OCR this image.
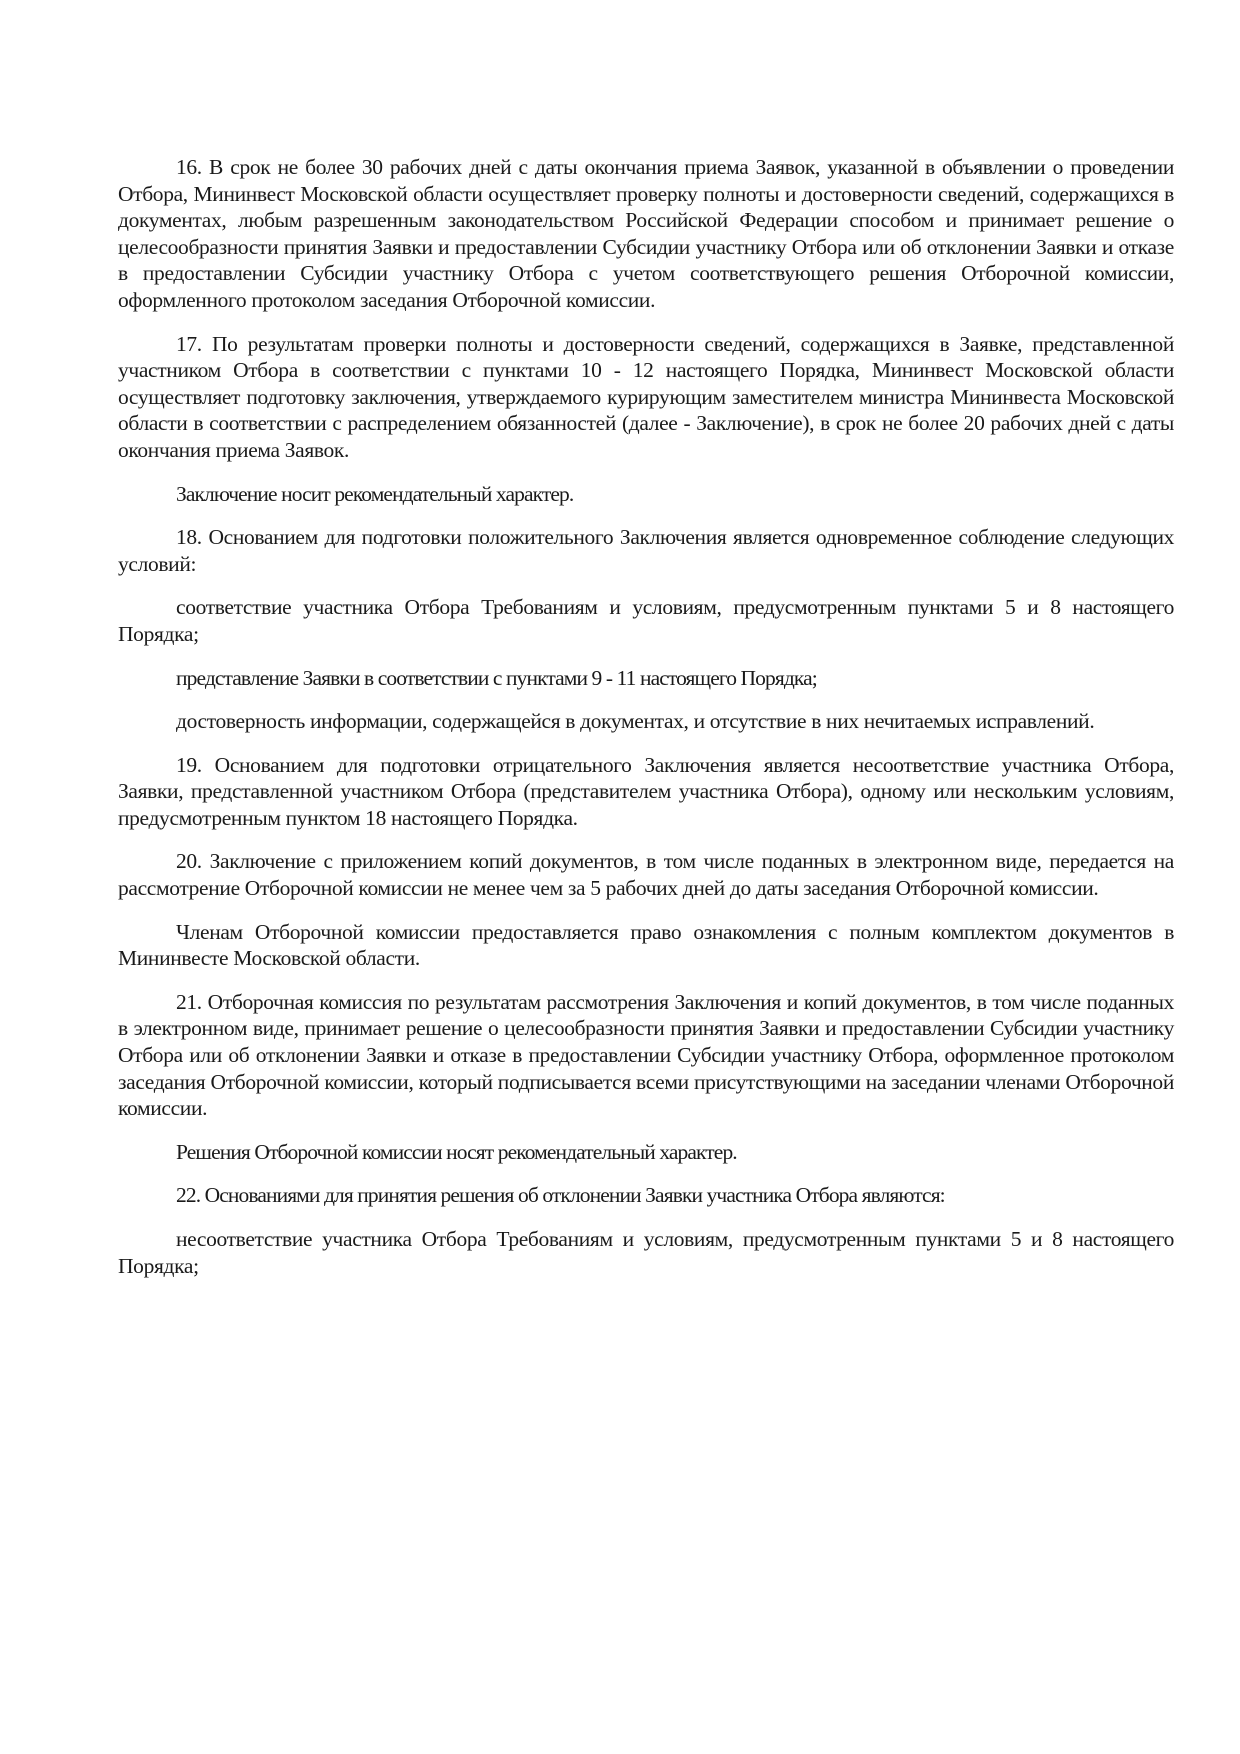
16. В срок не более 30 рабочих дней с даты окончания приема Заявок, указанной в объявлении о проведении Отбора, Мининвест Московской области осуществляет проверку полноты и достоверности сведений, содержащихся в документах, любым разрешенным законодательством Российской Федерации способом и принимает решение о целесообразности принятия Заявки и предоставлении Субсидии участнику Отбора или об отклонении Заявки и отказе в предоставлении Субсидии участнику Отбора с учетом соответствующего решения Отборочной комиссии, оформленного протоколом заседания Отборочной комиссии.

17. По результатам проверки полноты и достоверности сведений, содержащихся в Заявке, представленной участником Отбора в соответствии с пунктами 10 - 12 настоящего Порядка, Мининвест Московской области осуществляет подготовку заключения, утверждаемого курирующим заместителем министра Мининвеста Московской области в соответствии с распределением обязанностей (далее - Заключение), в срок не более 20 рабочих дней с даты окончания приема Заявок.

Заключение носит рекомендательный характер.

18. Основанием для подготовки положительного Заключения является одновременное соблюдение следующих условий:

соответствие участника Отбора Требованиям и условиям, предусмотренным пунктами 5 и 8 настоящего Порядка;

представление Заявки в соответствии с пунктами 9 - 11 настоящего Порядка;

достоверность информации, содержащейся в документах, и отсутствие в них нечитаемых исправлений.

19. Основанием для подготовки отрицательного Заключения является несоответствие участника Отбора, Заявки, представленной участником Отбора (представителем участника Отбора), одному или нескольким условиям, предусмотренным пунктом 18 настоящего Порядка.

20. Заключение с приложением копий документов, в том числе поданных в электронном виде, передается на рассмотрение Отборочной комиссии не менее чем за 5 рабочих дней до даты заседания Отборочной комиссии.

Членам Отборочной комиссии предоставляется право ознакомления с полным комплектом документов в Мининвесте Московской области.

21. Отборочная комиссия по результатам рассмотрения Заключения и копий документов, в том числе поданных в электронном виде, принимает решение о целесообразности принятия Заявки и предоставлении Субсидии участнику Отбора или об отклонении Заявки и отказе в предоставлении Субсидии участнику Отбора, оформленное протоколом заседания Отборочной комиссии, который подписывается всеми присутствующими на заседании членами Отборочной комиссии.

Решения Отборочной комиссии носят рекомендательный характер.

22. Основаниями для принятия решения об отклонении Заявки участника Отбора являются:

несоответствие участника Отбора Требованиям и условиям, предусмотренным пунктами 5 и 8 настоящего Порядка;
